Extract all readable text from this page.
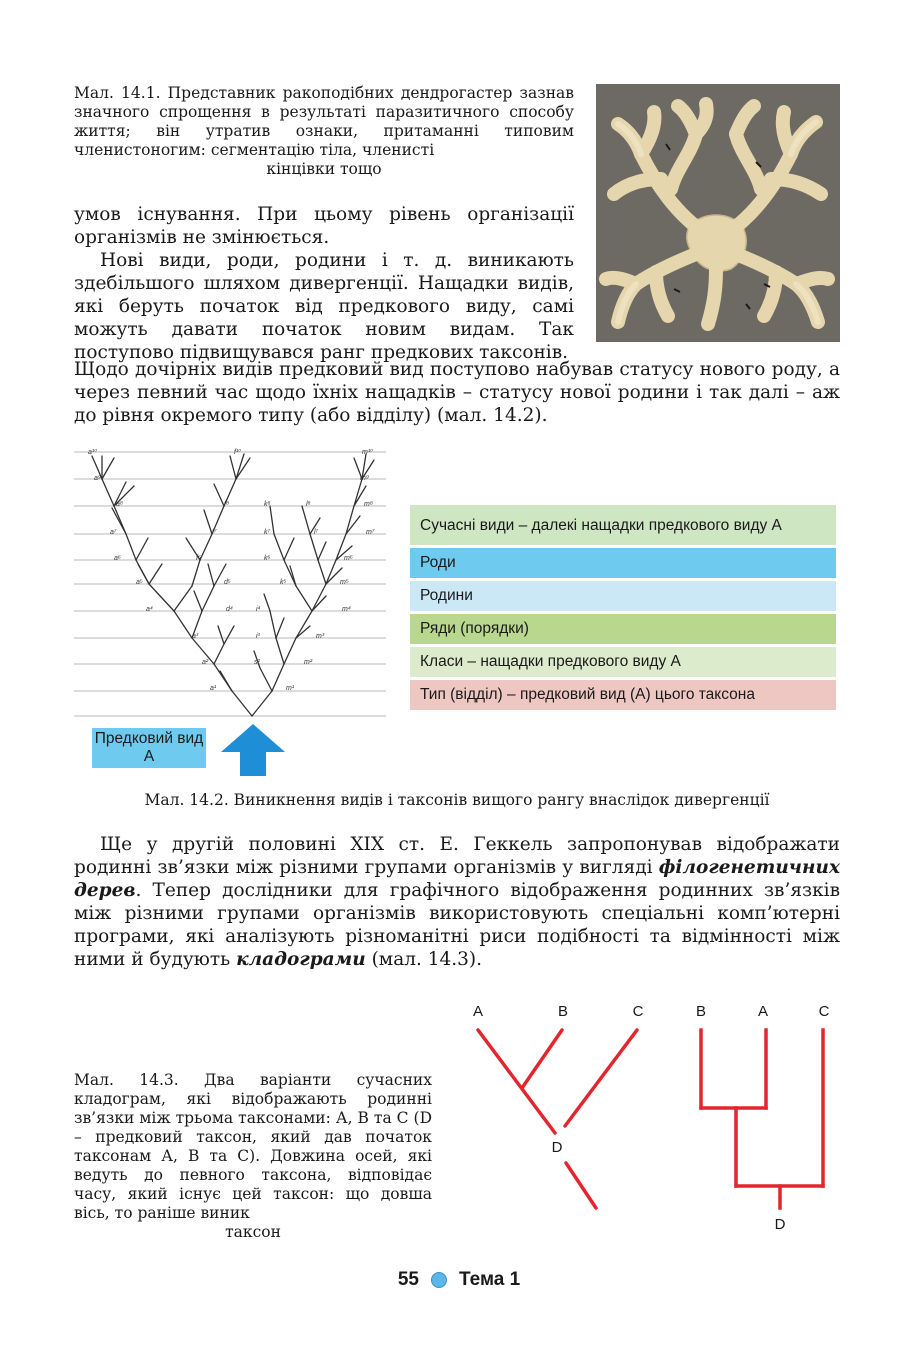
Мал. 14.1. Представник ракоподібних дендрогастер зазнав значного спрощення в результаті паразитичного способу життя; він утратив ознаки, притаманні типовим членистоногим: сегментацію тіла, членисті
кінцівки тощо
умов існування. При цьому рівень організації організмів не змінюється.
Нові види, роди, родини і т. д. виникають здебільшого шляхом дивергенції. Нащадки видів, які беруть початок від предкового виду, самі можуть давати початок новим видам. Так поступово підвищувався ранг предкових таксонів.
Щодо дочірніх видів предковий вид поступово набував статусу нового роду, а через певний час щодо їхніх нащадків – статусу нової родини і так далі – аж до рівня окремого типу (або відділу) (мал. 14.2).
a¹⁰	f¹⁰	m¹⁰
m⁹
a⁹
a⁸	f⁸	k⁸	l⁸	m⁸
a⁷	f⁷	k⁷	l⁷	m⁷
a⁶	f⁶	k⁶	m⁶
a⁵	d⁵	k⁵	m⁵
a⁴	d⁴	m⁴
i⁴
a³	i³	m³
a²	s²	m²
a¹	m¹
Сучасні види – далекі нащадки предкового виду А
Роди
Родини
Ряди (порядки)
Класи – нащадки предкового виду А
Тип (відділ) – предковий вид (А) цього таксона
Предковий вид А
Мал. 14.2. Виникнення видів і таксонів вищого рангу внаслідок дивергенції
Ще у другій половині XIX ст. Е. Геккель запропонував відображати родинні зв’язки між різними групами організмів у вигляді філогенетичних дерев. Тепер дослідники для графічного відображення родинних зв’язків між різними групами організмів використовують спеціальні комп’ютерні програми, які аналізують різноманітні риси подібності та відмінності між ними й будують кладограми (мал. 14.3).
Мал. 14.3. Два варіанти сучасних кладограм, які відображають родинні зв’язки між трьома таксонами: А, В та С (D – предковий таксон, який дав початок таксонам А, В та С). Довжина осей, які ведуть до певного таксона, відповідає часу, який існує цей таксон: що довша вісь, то раніше виник
таксон
A	B	C
D
B	A	C
D
55 Тема 1
